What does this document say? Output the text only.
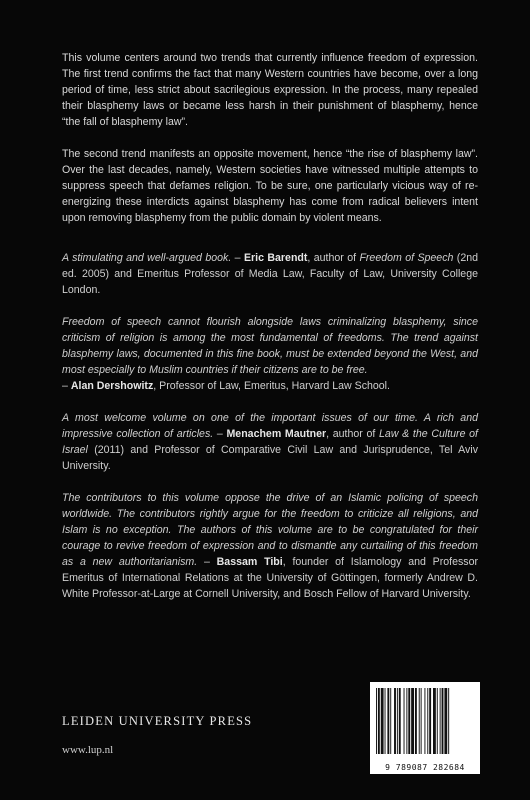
This volume centers around two trends that currently influence freedom of expression. The first trend confirms the fact that many Western countries have become, over a long period of time, less strict about sacrilegious expression. In the process, many repealed their blasphemy laws or became less harsh in their punishment of blasphemy, hence “the fall of blasphemy law”.

The second trend manifests an opposite movement, hence “the rise of blasphemy law”. Over the last decades, namely, Western societies have witnessed multiple attempts to suppress speech that defames religion. To be sure, one particularly vicious way of re-energizing these interdicts against blasphemy has come from radical believers intent upon removing blasphemy from the public domain by violent means.

A stimulating and well-argued book. – Eric Barendt, author of Freedom of Speech (2nd ed. 2005) and Emeritus Professor of Media Law, Faculty of Law, University College London.

Freedom of speech cannot flourish alongside laws criminalizing blasphemy, since criticism of religion is among the most fundamental of freedoms. The trend against blasphemy laws, documented in this fine book, must be extended beyond the West, and most especially to Muslim countries if their citizens are to be free.
– Alan Dershowitz, Professor of Law, Emeritus, Harvard Law School.

A most welcome volume on one of the important issues of our time. A rich and impressive collection of articles. – Menachem Mautner, author of Law & the Culture of Israel (2011) and Professor of Comparative Civil Law and Jurisprudence, Tel Aviv University.

The contributors to this volume oppose the drive of an Islamic policing of speech worldwide. The contributors rightly argue for the freedom to criticize all religions, and Islam is no exception. The authors of this volume are to be congratulated for their courage to revive freedom of expression and to dismantle any curtailing of this freedom as a new authoritarianism. – Bassam Tibi, founder of Islamology and Professor Emeritus of International Relations at the University of Göttingen, formerly Andrew D. White Professor-at-Large at Cornell University, and Bosch Fellow of Harvard University.

LEIDEN UNIVERSITY PRESS
www.lup.nl
9 789087 282684
